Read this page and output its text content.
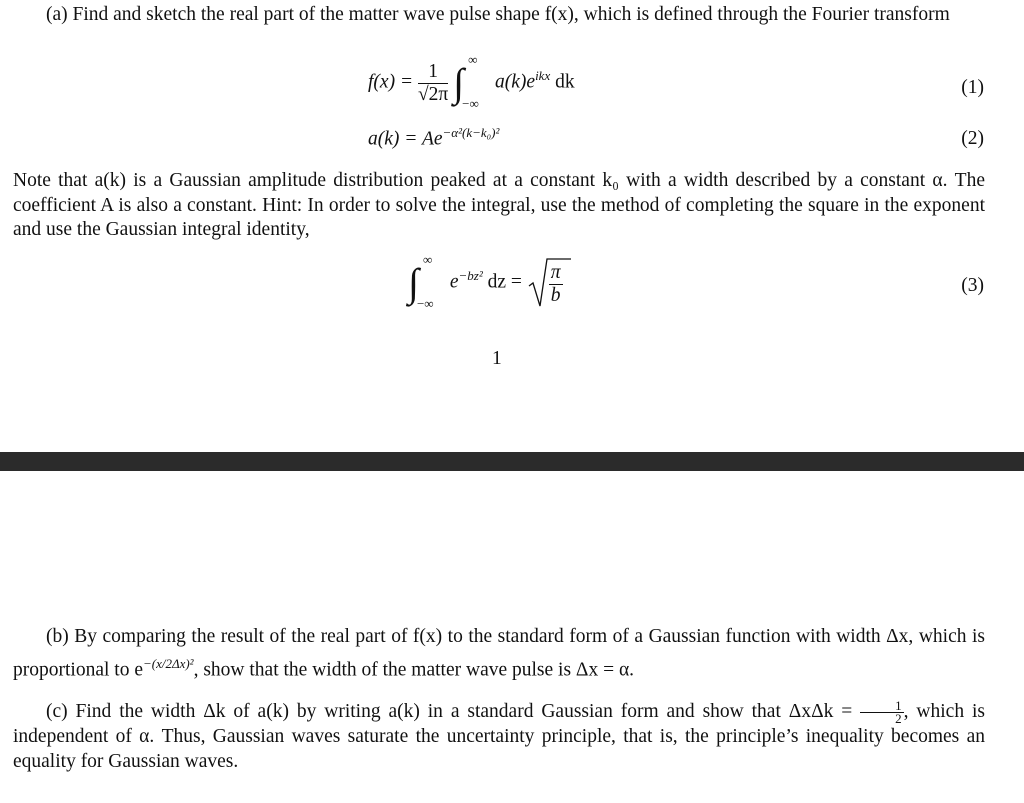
(a) Find and sketch the real part of the matter wave pulse shape f(x), which is defined through the Fourier transform
$f(x) = \frac{1}{√2\pi}$ ∫
∞
−∞
$a(k)e^{ikx}$ dk	(1)
$a(k) = Ae^{-\alpha^2(k-k_0)^2}$	(2)
Note that a(k) is a Gaussian amplitude distribution peaked at a constant k₀ with a width described by a constant α. The coefficient A is also a constant. Hint: In order to solve the integral, use the method of completing the square in the exponent and use the Gaussian integral identity,
∫
∞
−∞
$e^{-bz^2}$ dz = $\frac{\pi}{b}$	(3)
1
(b) By comparing the result of the real part of f(x) to the standard form of a Gaussian function with width Δx, which is proportional to $e^{-(x/2\Delta x)^2}$, show that the width of the matter wave pulse is Δx = α.
(c) Find the width Δk of a(k) by writing a(k) in a standard Gaussian form and show that $\Delta x\Delta k = \frac{1}{2}$ , which is independent of α. Thus, Gaussian waves saturate the uncertainty principle, that is, the principle’s inequality becomes an equality for Gaussian waves.
